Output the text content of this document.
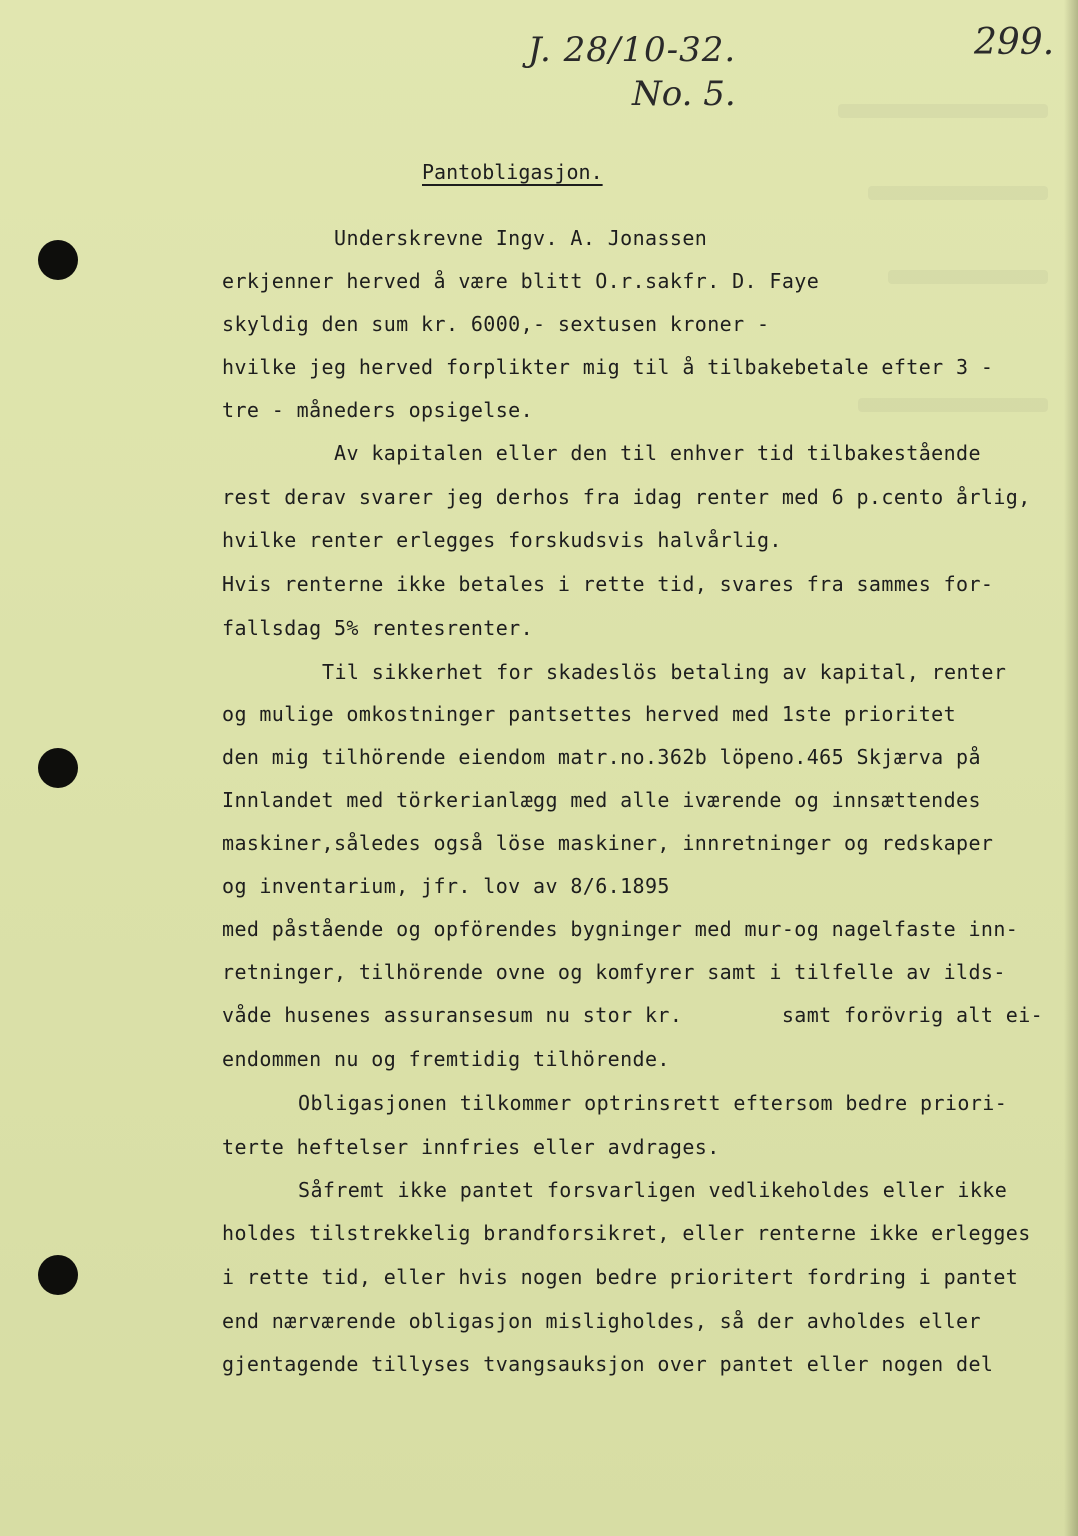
J. 28/10-32.	299.
No. 5.
Pantobligasjon.
Underskrevne Ingv. A. Jonassen
erkjenner herved å være blitt O.r.sakfr. D. Faye
skyldig den sum kr. 6000,- sextusen kroner -
hvilke jeg herved forplikter mig til å tilbakebetale efter 3 -
tre - måneders opsigelse.
Av kapitalen eller den til enhver tid tilbakestående
rest derav svarer jeg derhos fra idag renter med 6 p.cento årlig,
hvilke renter erlegges forskudsvis halvårlig.
Hvis renterne ikke betales i rette tid, svares fra sammes for-
fallsdag 5% rentesrenter.
Til sikkerhet for skadeslös betaling av kapital, renter
og mulige omkostninger pantsettes herved med 1ste prioritet
den mig tilhörende eiendom matr.no.362b löpeno.465 Skjærva på
Innlandet med törkerianlægg med alle iværende og innsættendes
maskiner,således også löse maskiner, innretninger og redskaper
og inventarium, jfr. lov av 8/6.1895
med påstående og opförendes bygninger med mur-og nagelfaste inn-
retninger, tilhörende ovne og komfyrer samt i tilfelle av ilds-
våde husenes assuransesum nu stor kr.        samt forövrig alt ei-
endommen nu og fremtidig tilhörende.
Obligasjonen tilkommer optrinsrett eftersom bedre priori-
terte heftelser innfries eller avdrages.
Såfremt ikke pantet forsvarligen vedlikeholdes eller ikke
holdes tilstrekkelig brandforsikret, eller renterne ikke erlegges
i rette tid, eller hvis nogen bedre prioritert fordring i pantet
end nærværende obligasjon misligholdes, så der avholdes eller
gjentagende tillyses tvangsauksjon over pantet eller nogen del
